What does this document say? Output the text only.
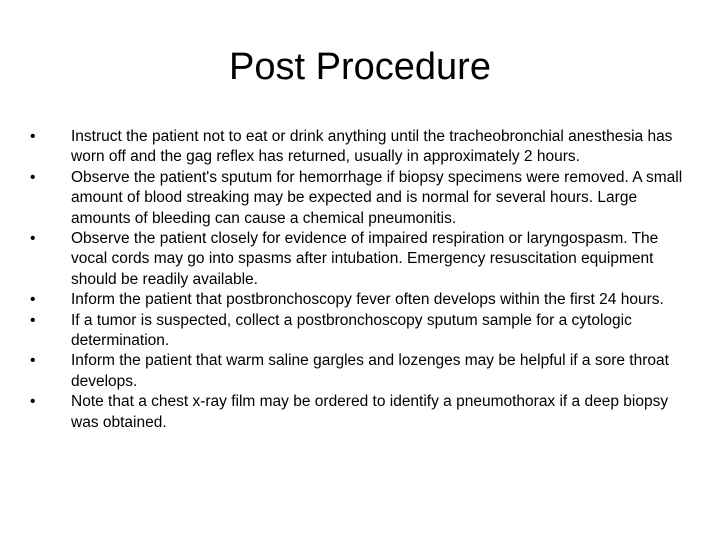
Post Procedure
•	Instruct the patient not to eat or drink anything until the tracheobronchial anesthesia has worn off and the gag reflex has returned, usually in approximately 2 hours.
•	Observe the patient's sputum for hemorrhage if biopsy specimens were removed. A small amount of blood streaking may be expected and is normal for several hours. Large amounts of bleeding can cause a chemical pneumonitis.
•	Observe the patient closely for evidence of impaired respiration or laryngospasm. The vocal cords may go into spasms after intubation. Emergency resuscitation equipment should be readily available.
•	Inform the patient that postbronchoscopy fever often develops within the first 24 hours.
•	If a tumor is suspected, collect a postbronchoscopy sputum sample for a cytologic determination.
•	Inform the patient that warm saline gargles and lozenges may be helpful if a sore throat develops.
•	Note that a chest x-ray film may be ordered to identify a pneumothorax if a deep biopsy was obtained.
